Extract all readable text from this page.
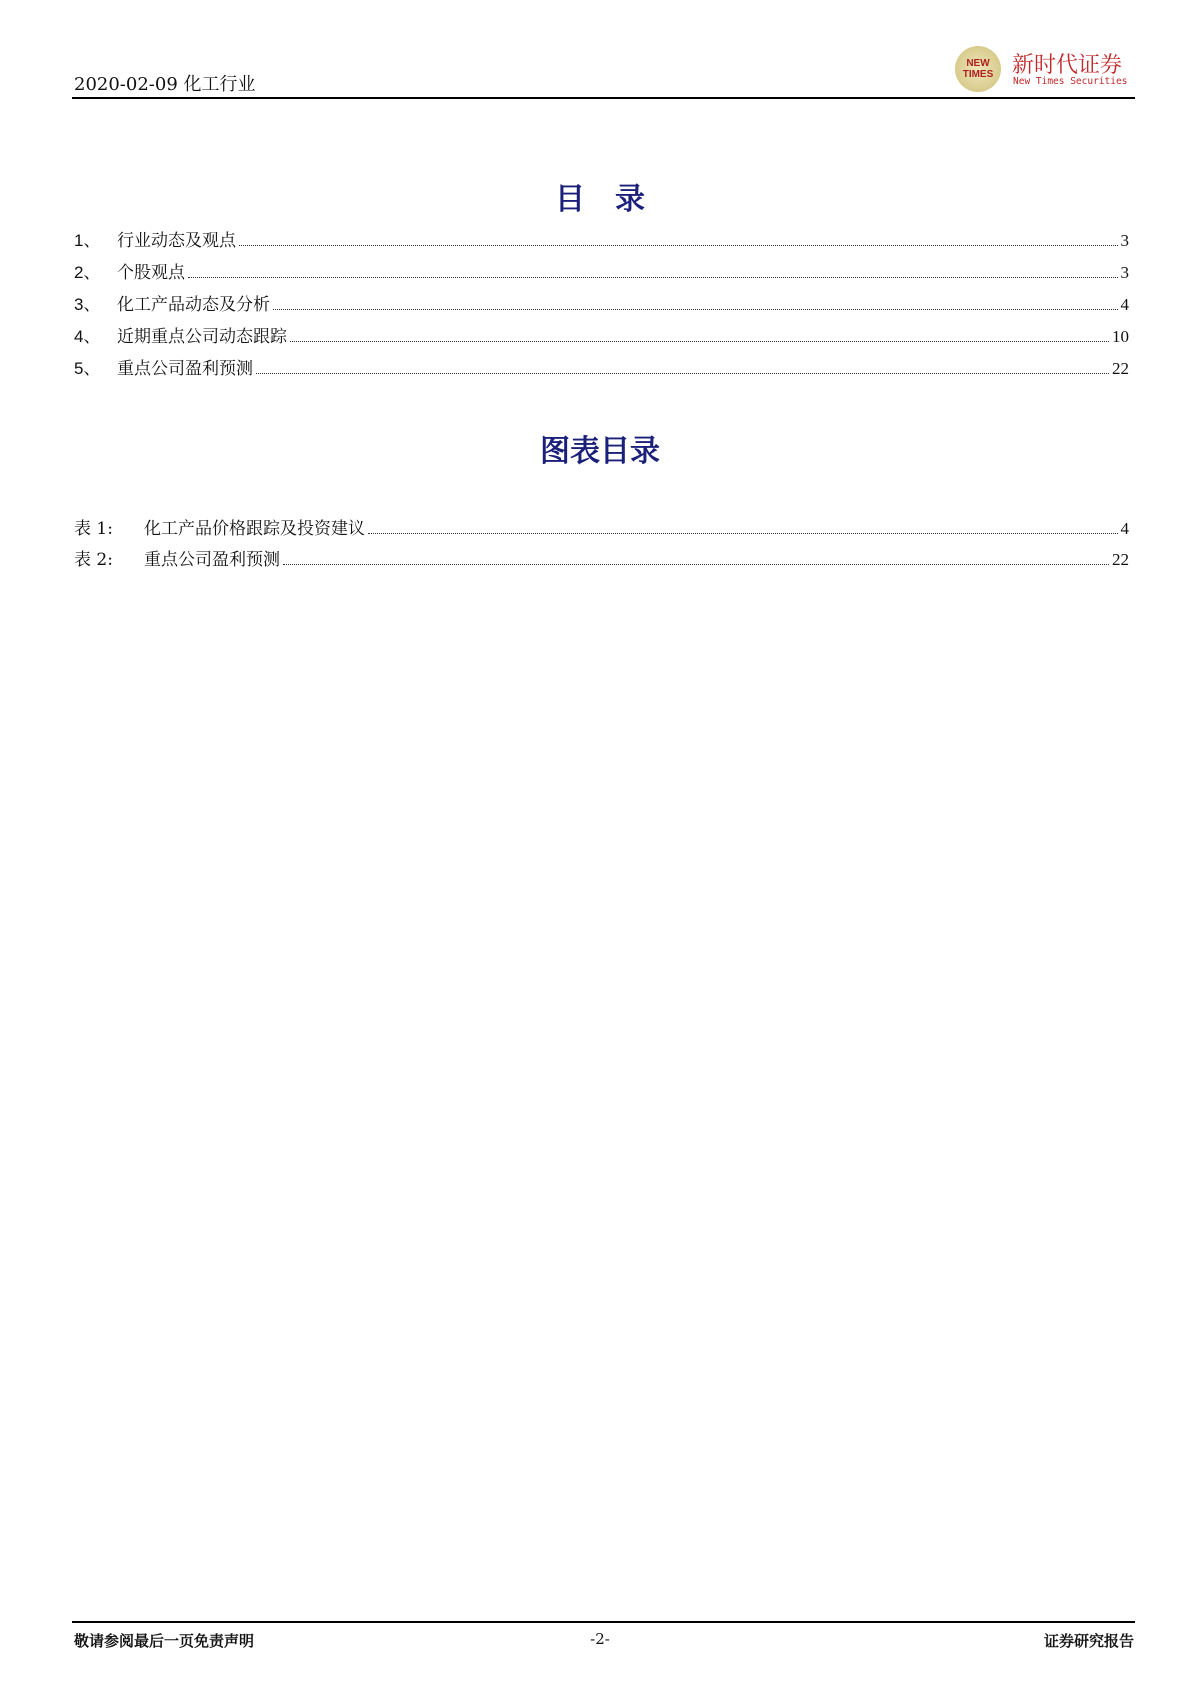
2020-02-09 化工行业
NEW
TIMES 新时代证券
New Times Securities
目　录
1、 行业动态及观点	3
2、 个股观点	3
3、 化工产品动态及分析	4
4、 近期重点公司动态跟踪	10
5、 重点公司盈利预测	22
图表目录
表 1:	化工产品价格跟踪及投资建议	4
表 2:	重点公司盈利预测	22
敬请参阅最后一页免责声明	-2-	证券研究报告
